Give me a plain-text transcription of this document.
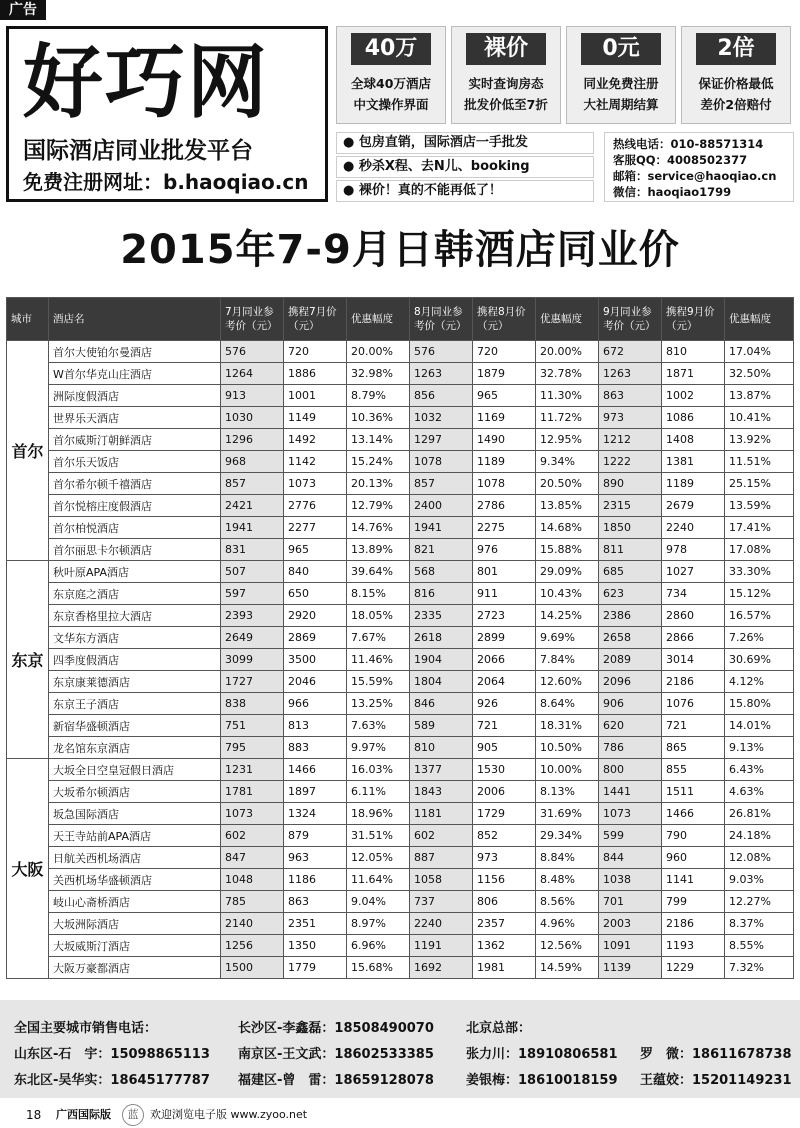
广告
好巧网
国际酒店同业批发平台
免费注册网址：b.haoqiao.cn
40万
全球40万酒店
中文操作界面
裸价
实时查询房态
批发价低至7折
0元
同业免费注册
大社周期结算
2倍
保证价格最低
差价2倍赔付
● 包房直销，国际酒店一手批发
● 秒杀X程、去N儿、booking
● 裸价！真的不能再低了！
热线电话：010-88571314
客服QQ：4008502377
邮箱：service@haoqiao.cn
微信：haoqiao1799
2015年7-9月日韩酒店同业价
城市	酒店名	7月同业参考价（元）	携程7月价（元）	优惠幅度	8月同业参考价（元）	携程8月价（元）	优惠幅度	9月同业参考价（元）	携程9月价（元）	优惠幅度
首尔	首尔大使铂尔曼酒店	576	720	20.00%	576	720	20.00%	672	810	17.04%
	W首尔华克山庄酒店	1264	1886	32.98%	1263	1879	32.78%	1263	1871	32.50%
	洲际度假酒店	913	1001	8.79%	856	965	11.30%	863	1002	13.87%
	世界乐天酒店	1030	1149	10.36%	1032	1169	11.72%	973	1086	10.41%
	首尔威斯汀朝鲜酒店	1296	1492	13.14%	1297	1490	12.95%	1212	1408	13.92%
	首尔乐天饭店	968	1142	15.24%	1078	1189	9.34%	1222	1381	11.51%
	首尔希尔顿千禧酒店	857	1073	20.13%	857	1078	20.50%	890	1189	25.15%
	首尔悦榕庄度假酒店	2421	2776	12.79%	2400	2786	13.85%	2315	2679	13.59%
	首尔柏悦酒店	1941	2277	14.76%	1941	2275	14.68%	1850	2240	17.41%
	首尔丽思卡尔顿酒店	831	965	13.89%	821	976	15.88%	811	978	17.08%
东京	秋叶原APA酒店	507	840	39.64%	568	801	29.09%	685	1027	33.30%
	东京庭之酒店	597	650	8.15%	816	911	10.43%	623	734	15.12%
	东京香格里拉大酒店	2393	2920	18.05%	2335	2723	14.25%	2386	2860	16.57%
	文华东方酒店	2649	2869	7.67%	2618	2899	9.69%	2658	2866	7.26%
	四季度假酒店	3099	3500	11.46%	1904	2066	7.84%	2089	3014	30.69%
	东京康莱德酒店	1727	2046	15.59%	1804	2064	12.60%	2096	2186	4.12%
	东京王子酒店	838	966	13.25%	846	926	8.64%	906	1076	15.80%
	新宿华盛顿酒店	751	813	7.63%	589	721	18.31%	620	721	14.01%
	龙名馆东京酒店	795	883	9.97%	810	905	10.50%	786	865	9.13%
大阪	大坂全日空皇冠假日酒店	1231	1466	16.03%	1377	1530	10.00%	800	855	6.43%
	大坂希尔顿酒店	1781	1897	6.11%	1843	2006	8.13%	1441	1511	4.63%
	坂急国际酒店	1073	1324	18.96%	1181	1729	31.69%	1073	1466	26.81%
	天王寺站前APA酒店	602	879	31.51%	602	852	29.34%	599	790	24.18%
	日航关西机场酒店	847	963	12.05%	887	973	8.84%	844	960	12.08%
	关西机场华盛顿酒店	1048	1186	11.64%	1058	1156	8.48%	1038	1141	9.03%
	岐山心斋桥酒店	785	863	9.04%	737	806	8.56%	701	799	12.27%
	大坂洲际酒店	2140	2351	8.97%	2240	2357	4.96%	2003	2186	8.37%
	大坂威斯汀酒店	1256	1350	6.96%	1191	1362	12.56%	1091	1193	8.55%
	大阪万豪都酒店	1500	1779	15.68%	1692	1981	14.59%	1139	1229	7.32%
全国主要城市销售电话：	长沙区-李鑫磊：18508490070 北京总部：
山东区-石　宇：15098865113 南京区-王文武：18602533385 张力川：18910806581 罗　微：18611678738
东北区-吴华实：18645177787 福建区-曾　雷：18659128078 姜银梅：18610018159 王蕴姣：15201149231
18 广西国际版	蓝	欢迎浏览电子版 www.zyoo.net
